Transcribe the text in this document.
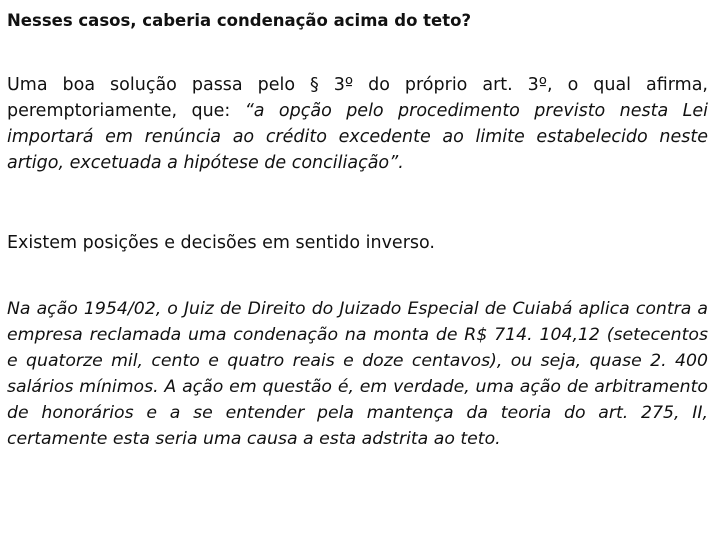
Nesses casos, caberia condenação acima do teto?

Uma boa solução passa pelo § 3º do próprio art. 3º, o qual afirma, peremptoriamente, que: “a opção pelo procedimento previsto nesta Lei importará em renúncia ao crédito excedente ao limite estabelecido neste artigo, excetuada a hipótese de conciliação”.

Existem posições e decisões em sentido inverso.

Na ação 1954/02, o Juiz de Direito do Juizado Especial de Cuiabá aplica contra a empresa reclamada uma condenação na monta de R$ 714. 104,12 (setecentos e quatorze mil, cento e quatro reais e doze centavos), ou seja, quase 2. 400 salários mínimos. A ação em questão é, em verdade, uma ação de arbitramento de honorários e a se entender pela mantença da teoria do art. 275, II, certamente esta seria uma causa a esta adstrita ao teto.
